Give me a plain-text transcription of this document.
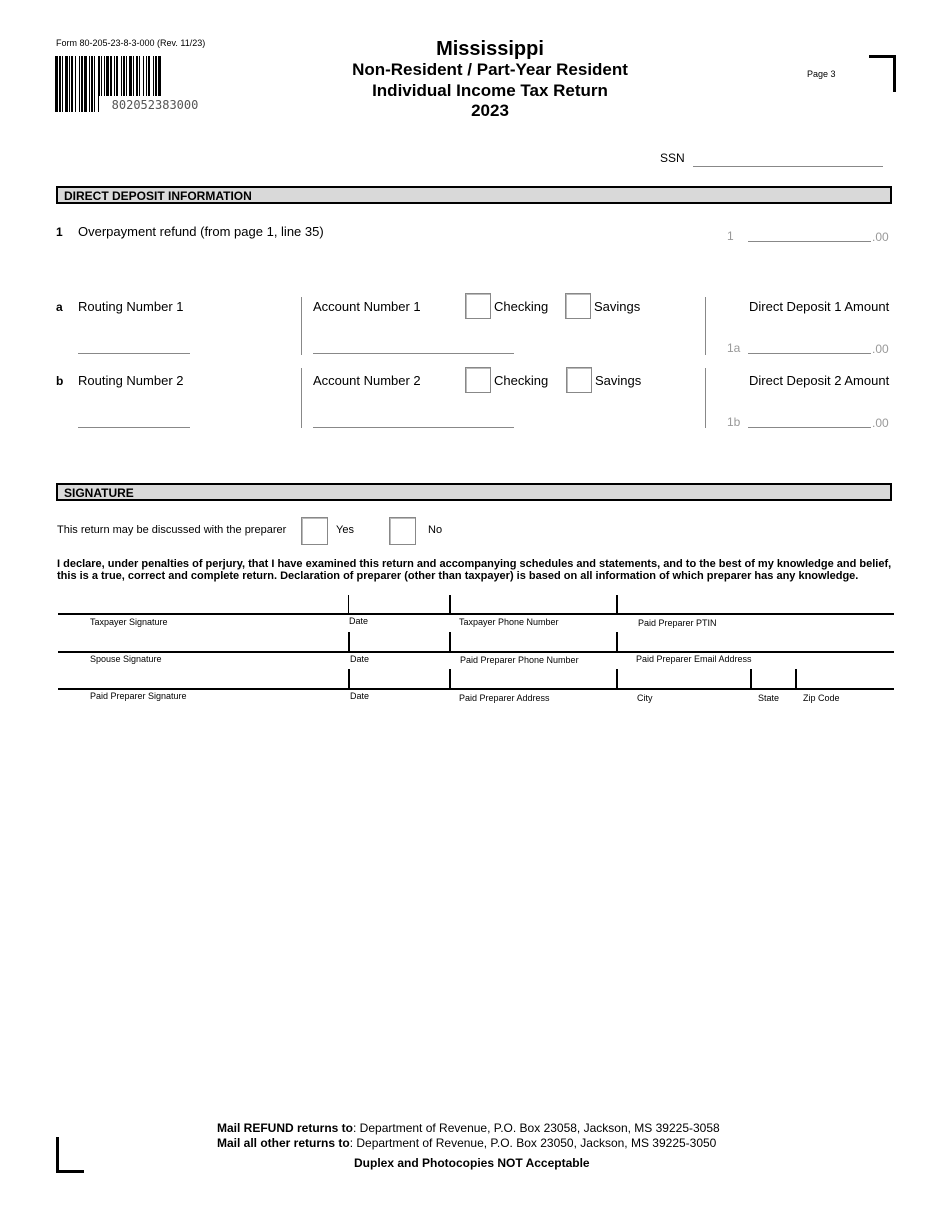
Form 80-205-23-8-3-000 (Rev. 11/23)
802052383000
Mississippi
Non-Resident / Part-Year Resident
Individual Income Tax Return
2023
Page 3
SSN
DIRECT DEPOSIT INFORMATION
1 Overpayment refund (from page 1, line 35)	1	.00
a Routing Number 1	Account Number 1	Checking	Savings	Direct Deposit 1 Amount
1a	.00
b Routing Number 2	Account Number 2	Checking	Savings	Direct Deposit 2 Amount
1b	.00
SIGNATURE
This return may be discussed with the preparer	Yes	No
I declare, under penalties of perjury, that I have examined this return and accompanying schedules and statements, and to the best of my knowledge and belief,
this is a true, correct and complete return. Declaration of preparer (other than taxpayer) is based on all information of which preparer has any knowledge.
Taxpayer Signature	Date	Taxpayer Phone Number	Paid Preparer PTIN
Spouse Signature	Date	Paid Preparer Phone Number	Paid Preparer Email Address
Paid Preparer Signature	Date	Paid Preparer Address	City	State	Zip Code
Mail REFUND returns to: Department of Revenue, P.O. Box 23058, Jackson, MS 39225-3058
Mail all other returns to: Department of Revenue, P.O. Box 23050, Jackson, MS 39225-3050
Duplex and Photocopies NOT Acceptable
